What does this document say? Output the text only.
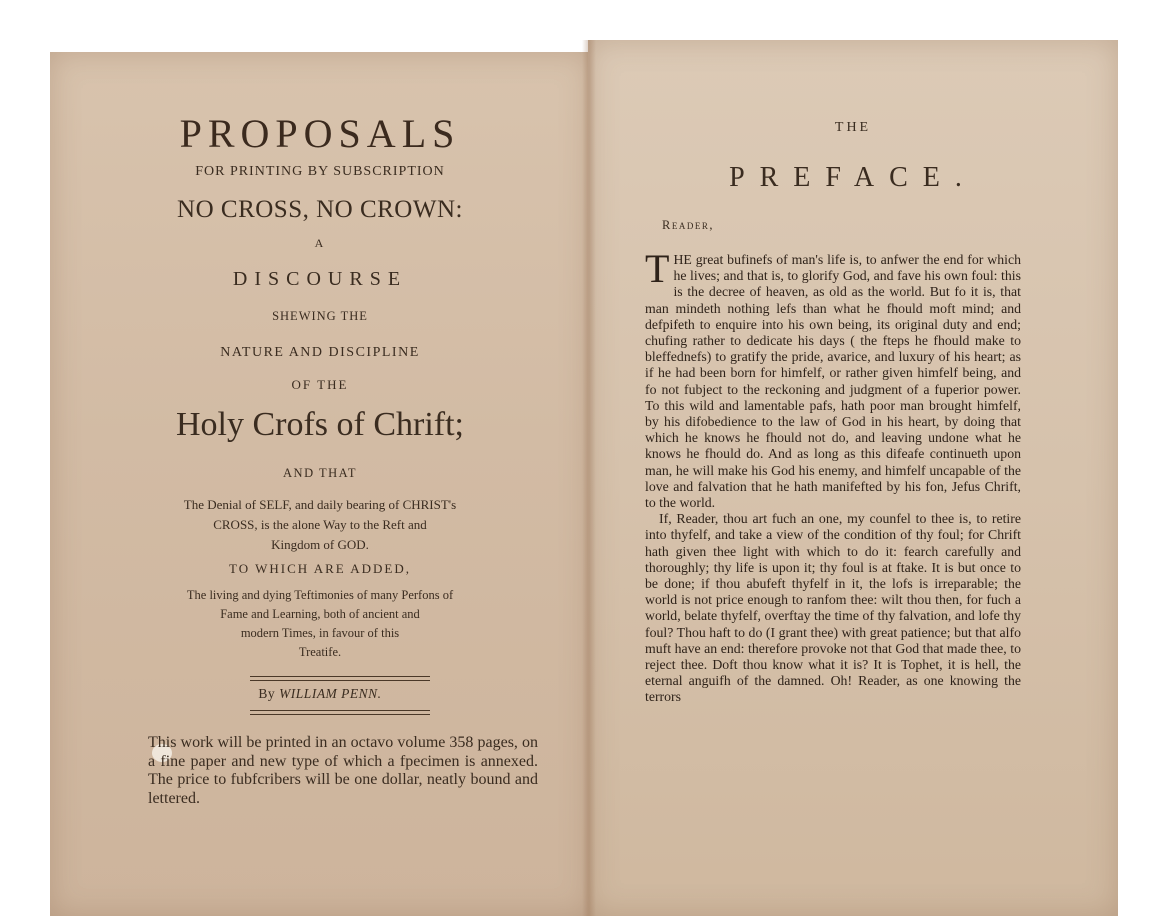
PROPOSALS
FOR PRINTING BY SUBSCRIPTION
NO CROSS, NO CROWN:
A
DISCOURSE
SHEWING THE
NATURE AND DISCIPLINE
OF THE
Holy Crofs of Chrift;
AND THAT
The Denial of SELF, and daily bearing of CHRIST's
CROSS, is the alone Way to the Reft and
Kingdom of GOD.
TO WHICH ARE ADDED,
The living and dying Teftimonies of many Perfons of
Fame and Learning, both of ancient and
modern Times, in favour of this
Treatife.
By WILLIAM PENN.
This work will be printed in an octavo volume 358 pages, on a fine paper and new type of which a fpecimen is annexed. The price to fubfcribers will be one dollar, neatly bound and lettered.
THE
PREFACE.
Reader,

THE great bufinefs of man's life is, to anfwer the end for which he lives; and that is, to glorify God, and fave his own foul: this is the decree of heaven, as old as the world. But fo it is, that man mindeth nothing lefs than what he fhould moft mind; and defpifeth to enquire into his own being, its original duty and end; chufing rather to dedicate his days ( the fteps he fhould make to bleffednefs) to gratify the pride, avarice, and luxury of his heart; as if he had been born for himfelf, or rather given himfelf being, and fo not fubject to the reckoning and judgment of a fuperior power. To this wild and lamentable pafs, hath poor man brought himfelf, by his difobedience to the law of God in his heart, by doing that which he knows he fhould not do, and leaving undone what he knows he fhould do. And as long as this difeafe continueth upon man, he will make his God his enemy, and himfelf uncapable of the love and falvation that he hath manifefted by his fon, Jefus Chrift, to the world.

If, Reader, thou art fuch an one, my counfel to thee is, to retire into thyfelf, and take a view of the condition of thy foul; for Chrift hath given thee light with which to do it: fearch carefully and thoroughly; thy life is upon it; thy foul is at ftake. It is but once to be done; if thou abufeft thyfelf in it, the lofs is irreparable; the world is not price enough to ranfom thee: wilt thou then, for fuch a world, belate thyfelf, overftay the time of thy falvation, and lofe thy foul? Thou haft to do (I grant thee) with great patience; but that alfo muft have an end: therefore provoke not that God that made thee, to reject thee. Doft thou know what it is? It is Tophet, it is hell, the eternal anguifh of the damned. Oh! Reader, as one knowing the terrors
